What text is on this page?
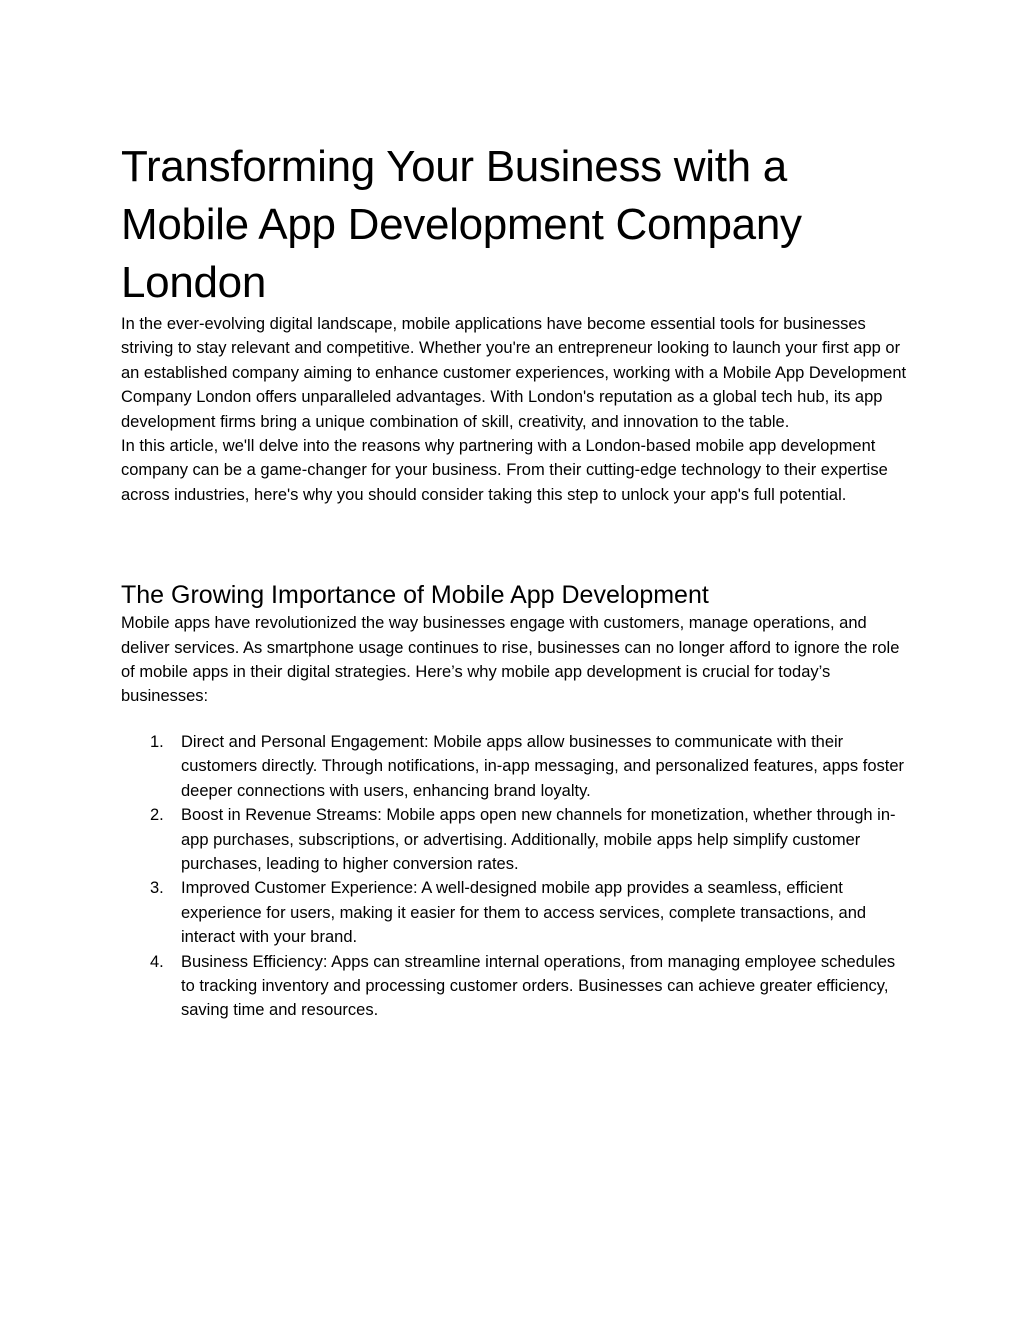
Transforming Your Business with a Mobile App Development Company London

In the ever-evolving digital landscape, mobile applications have become essential tools for businesses striving to stay relevant and competitive. Whether you're an entrepreneur looking to launch your first app or an established company aiming to enhance customer experiences, working with a Mobile App Development Company London offers unparalleled advantages. With London's reputation as a global tech hub, its app development firms bring a unique combination of skill, creativity, and innovation to the table.

In this article, we'll delve into the reasons why partnering with a London-based mobile app development company can be a game-changer for your business. From their cutting-edge technology to their expertise across industries, here's why you should consider taking this step to unlock your app's full potential.

The Growing Importance of Mobile App Development

Mobile apps have revolutionized the way businesses engage with customers, manage operations, and deliver services. As smartphone usage continues to rise, businesses can no longer afford to ignore the role of mobile apps in their digital strategies. Here’s why mobile app development is crucial for today’s businesses:

1. Direct and Personal Engagement: Mobile apps allow businesses to communicate with their customers directly. Through notifications, in-app messaging, and personalized features, apps foster deeper connections with users, enhancing brand loyalty.
2. Boost in Revenue Streams: Mobile apps open new channels for monetization, whether through in-app purchases, subscriptions, or advertising. Additionally, mobile apps help simplify customer purchases, leading to higher conversion rates.
3. Improved Customer Experience: A well-designed mobile app provides a seamless, efficient experience for users, making it easier for them to access services, complete transactions, and interact with your brand.
4. Business Efficiency: Apps can streamline internal operations, from managing employee schedules to tracking inventory and processing customer orders. Businesses can achieve greater efficiency, saving time and resources.
